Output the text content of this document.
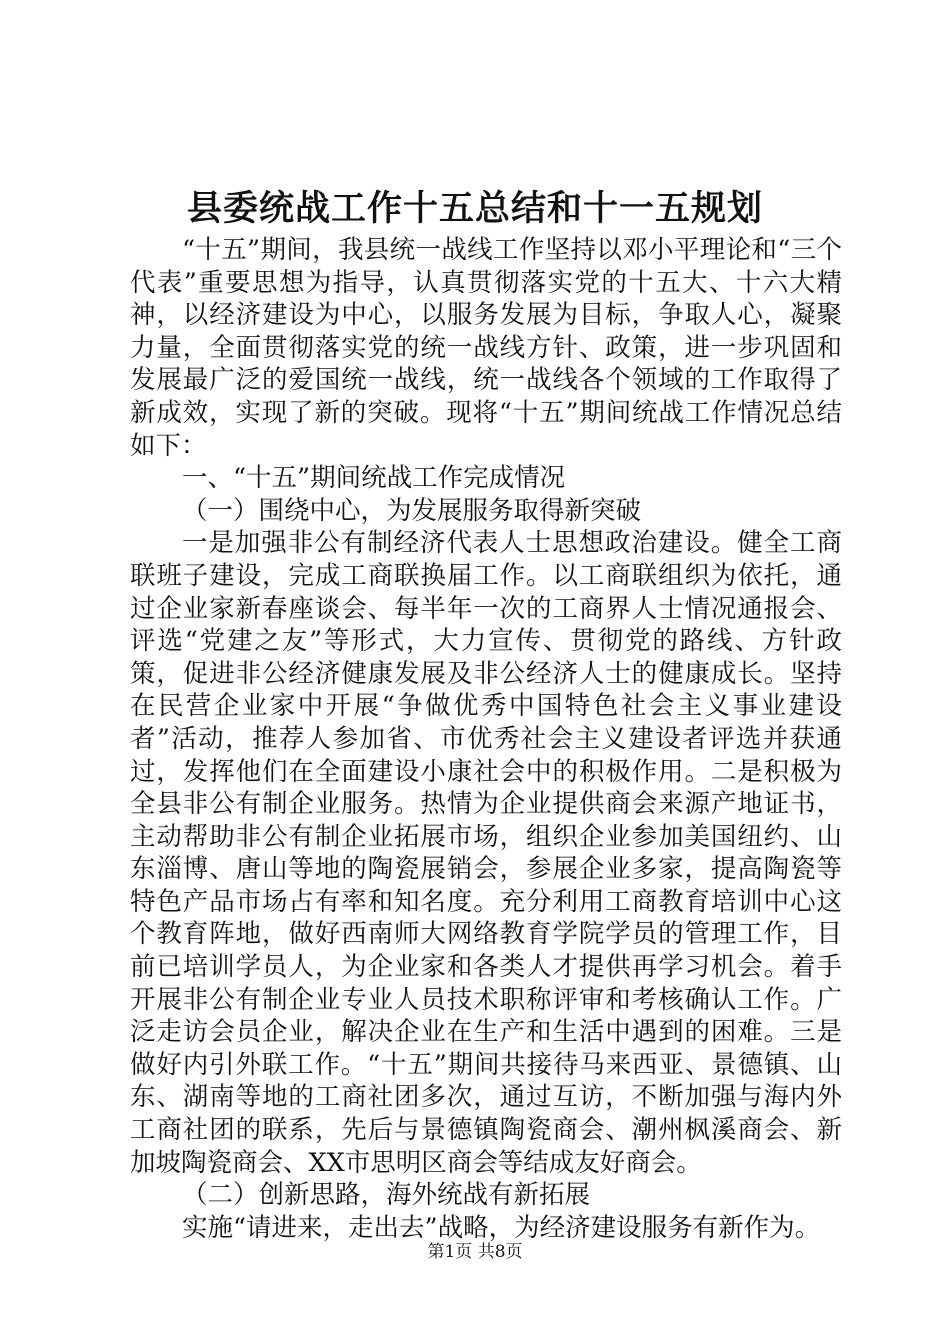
县委统战工作十五总结和十一五规划

“十五”期间，我县统一战线工作坚持以邓小平理论和“三个代表”重要思想为指导，认真贯彻落实党的十五大、十六大精神，以经济建设为中心，以服务发展为目标，争取人心，凝聚力量，全面贯彻落实党的统一战线方针、政策，进一步巩固和发展最广泛的爱国统一战线，统一战线各个领域的工作取得了新成效，实现了新的突破。现将“十五”期间统战工作情况总结如下：

一、“十五”期间统战工作完成情况

（一）围绕中心，为发展服务取得新突破

一是加强非公有制经济代表人士思想政治建设。健全工商联班子建设，完成工商联换届工作。以工商联组织为依托，通过企业家新春座谈会、每半年一次的工商界人士情况通报会、评选“党建之友”等形式，大力宣传、贯彻党的路线、方针政策，促进非公经济健康发展及非公经济人士的健康成长。坚持在民营企业家中开展“争做优秀中国特色社会主义事业建设者”活动，推荐人参加省、市优秀社会主义建设者评选并获通过，发挥他们在全面建设小康社会中的积极作用。二是积极为全县非公有制企业服务。热情为企业提供商会来源产地证书，主动帮助非公有制企业拓展市场，组织企业参加美国纽约、山东淄博、唐山等地的陶瓷展销会，参展企业多家，提高陶瓷等特色产品市场占有率和知名度。充分利用工商教育培训中心这个教育阵地，做好西南师大网络教育学院学员的管理工作，目前已培训学员人，为企业家和各类人才提供再学习机会。着手开展非公有制企业专业人员技术职称评审和考核确认工作。广泛走访会员企业，解决企业在生产和生活中遇到的困难。三是做好内引外联工作。“十五”期间共接待马来西亚、景德镇、山东、湖南等地的工商社团多次，通过互访，不断加强与海内外工商社团的联系，先后与景德镇陶瓷商会、潮州枫溪商会、新加坡陶瓷商会、XX市思明区商会等结成友好商会。

（二）创新思路，海外统战有新拓展

实施“请进来，走出去”战略，为经济建设服务有新作为。

第1页 共8页
